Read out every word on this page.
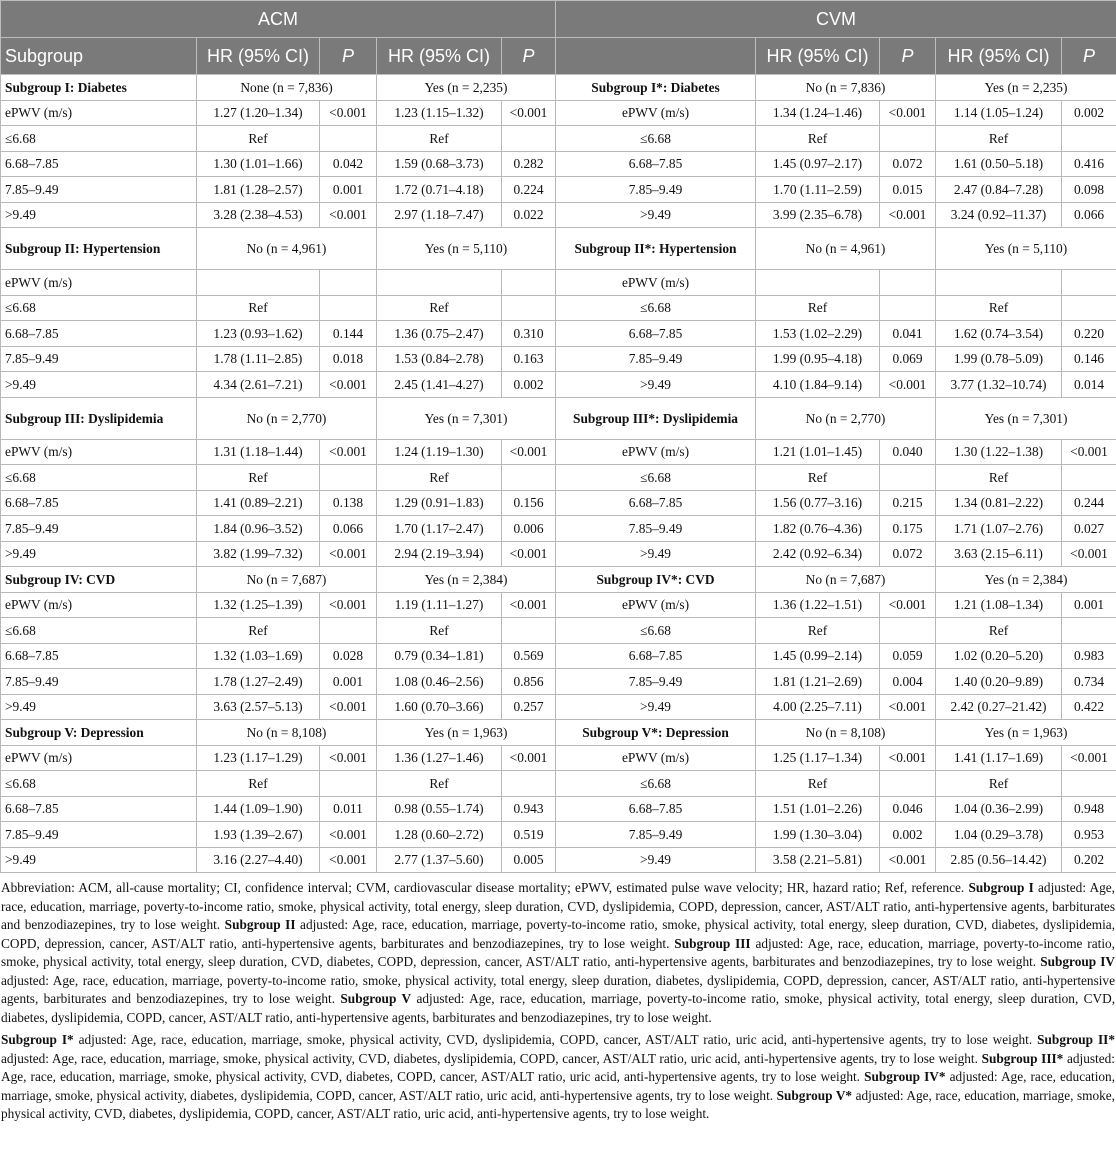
ACM					CVM				
Subgroup	HR (95% CI)	P	HR (95% CI)	P		HR (95% CI)	P	HR (95% CI)	P
Subgroup I: Diabetes	None (n = 7,836)		Yes (n = 2,235)		Subgroup I*: Diabetes	No (n = 7,836)		Yes (n = 2,235)	
ePWV (m/s)	1.27 (1.20–1.34)	<0.001	1.23 (1.15–1.32)	<0.001	ePWV (m/s)	1.34 (1.24–1.46)	<0.001	1.14 (1.05–1.24)	0.002
≤6.68	Ref		Ref		≤6.68	Ref		Ref	
6.68–7.85	1.30 (1.01–1.66)	0.042	1.59 (0.68–3.73)	0.282	6.68–7.85	1.45 (0.97–2.17)	0.072	1.61 (0.50–5.18)	0.416
7.85–9.49	1.81 (1.28–2.57)	0.001	1.72 (0.71–4.18)	0.224	7.85–9.49	1.70 (1.11–2.59)	0.015	2.47 (0.84–7.28)	0.098
>9.49	3.28 (2.38–4.53)	<0.001	2.97 (1.18–7.47)	0.022	>9.49	3.99 (2.35–6.78)	<0.001	3.24 (0.92–11.37)	0.066
Subgroup II: Hypertension	No (n = 4,961)		Yes (n = 5,110)		Subgroup II*: Hypertension	No (n = 4,961)		Yes (n = 5,110)	
ePWV (m/s)					ePWV (m/s)				
≤6.68	Ref		Ref		≤6.68	Ref		Ref	
6.68–7.85	1.23 (0.93–1.62)	0.144	1.36 (0.75–2.47)	0.310	6.68–7.85	1.53 (1.02–2.29)	0.041	1.62 (0.74–3.54)	0.220
7.85–9.49	1.78 (1.11–2.85)	0.018	1.53 (0.84–2.78)	0.163	7.85–9.49	1.99 (0.95–4.18)	0.069	1.99 (0.78–5.09)	0.146
>9.49	4.34 (2.61–7.21)	<0.001	2.45 (1.41–4.27)	0.002	>9.49	4.10 (1.84–9.14)	<0.001	3.77 (1.32–10.74)	0.014
Subgroup III: Dyslipidemia	No (n = 2,770)		Yes (n = 7,301)		Subgroup III*: Dyslipidemia	No (n = 2,770)		Yes (n = 7,301)	
ePWV (m/s)	1.31 (1.18–1.44)	<0.001	1.24 (1.19–1.30)	<0.001	ePWV (m/s)	1.21 (1.01–1.45)	0.040	1.30 (1.22–1.38)	<0.001
≤6.68	Ref		Ref		≤6.68	Ref		Ref	
6.68–7.85	1.41 (0.89–2.21)	0.138	1.29 (0.91–1.83)	0.156	6.68–7.85	1.56 (0.77–3.16)	0.215	1.34 (0.81–2.22)	0.244
7.85–9.49	1.84 (0.96–3.52)	0.066	1.70 (1.17–2.47)	0.006	7.85–9.49	1.82 (0.76–4.36)	0.175	1.71 (1.07–2.76)	0.027
>9.49	3.82 (1.99–7.32)	<0.001	2.94 (2.19–3.94)	<0.001	>9.49	2.42 (0.92–6.34)	0.072	3.63 (2.15–6.11)	<0.001
Subgroup IV: CVD	No (n = 7,687)		Yes (n = 2,384)		Subgroup IV*: CVD	No (n = 7,687)		Yes (n = 2,384)	
ePWV (m/s)	1.32 (1.25–1.39)	<0.001	1.19 (1.11–1.27)	<0.001	ePWV (m/s)	1.36 (1.22–1.51)	<0.001	1.21 (1.08–1.34)	0.001
≤6.68	Ref		Ref		≤6.68	Ref		Ref	
6.68–7.85	1.32 (1.03–1.69)	0.028	0.79 (0.34–1.81)	0.569	6.68–7.85	1.45 (0.99–2.14)	0.059	1.02 (0.20–5.20)	0.983
7.85–9.49	1.78 (1.27–2.49)	0.001	1.08 (0.46–2.56)	0.856	7.85–9.49	1.81 (1.21–2.69)	0.004	1.40 (0.20–9.89)	0.734
>9.49	3.63 (2.57–5.13)	<0.001	1.60 (0.70–3.66)	0.257	>9.49	4.00 (2.25–7.11)	<0.001	2.42 (0.27–21.42)	0.422
Subgroup V: Depression	No (n = 8,108)		Yes (n = 1,963)		Subgroup V*: Depression	No (n = 8,108)		Yes (n = 1,963)	
ePWV (m/s)	1.23 (1.17–1.29)	<0.001	1.36 (1.27–1.46)	<0.001	ePWV (m/s)	1.25 (1.17–1.34)	<0.001	1.41 (1.17–1.69)	<0.001
≤6.68	Ref		Ref		≤6.68	Ref		Ref	
6.68–7.85	1.44 (1.09–1.90)	0.011	0.98 (0.55–1.74)	0.943	6.68–7.85	1.51 (1.01–2.26)	0.046	1.04 (0.36–2.99)	0.948
7.85–9.49	1.93 (1.39–2.67)	<0.001	1.28 (0.60–2.72)	0.519	7.85–9.49	1.99 (1.30–3.04)	0.002	1.04 (0.29–3.78)	0.953
>9.49	3.16 (2.27–4.40)	<0.001	2.77 (1.37–5.60)	0.005	>9.49	3.58 (2.21–5.81)	<0.001	2.85 (0.56–14.42)	0.202

Abbreviation: ACM, all-cause mortality; CI, confidence interval; CVM, cardiovascular disease mortality; ePWV, estimated pulse wave velocity; HR, hazard ratio; Ref, reference. Subgroup I adjusted: Age, race, education, marriage, poverty-to-income ratio, smoke, physical activity, total energy, sleep duration, CVD, dyslipidemia, COPD, depression, cancer, AST/ALT ratio, anti-hypertensive agents, barbiturates and benzodiazepines, try to lose weight. Subgroup II adjusted: Age, race, education, marriage, poverty-to-income ratio, smoke, physical activity, total energy, sleep duration, CVD, diabetes, dyslipidemia, COPD, depression, cancer, AST/ALT ratio, anti-hypertensive agents, barbiturates and benzodiazepines, try to lose weight. Subgroup III adjusted: Age, race, education, marriage, poverty-to-income ratio, smoke, physical activity, total energy, sleep duration, CVD, diabetes, COPD, depression, cancer, AST/ALT ratio, anti-hypertensive agents, barbiturates and benzodiazepines, try to lose weight. Subgroup IV adjusted: Age, race, education, marriage, poverty-to-income ratio, smoke, physical activity, total energy, sleep duration, diabetes, dyslipidemia, COPD, depression, cancer, AST/ALT ratio, anti-hypertensive agents, barbiturates and benzodiazepines, try to lose weight. Subgroup V adjusted: Age, race, education, marriage, poverty-to-income ratio, smoke, physical activity, total energy, sleep duration, CVD, diabetes, dyslipidemia, COPD, cancer, AST/ALT ratio, anti-hypertensive agents, barbiturates and benzodiazepines, try to lose weight.

Subgroup I* adjusted: Age, race, education, marriage, smoke, physical activity, CVD, dyslipidemia, COPD, cancer, AST/ALT ratio, uric acid, anti-hypertensive agents, try to lose weight. Subgroup II* adjusted: Age, race, education, marriage, smoke, physical activity, CVD, diabetes, dyslipidemia, COPD, cancer, AST/ALT ratio, uric acid, anti-hypertensive agents, try to lose weight. Subgroup III* adjusted: Age, race, education, marriage, smoke, physical activity, CVD, diabetes, COPD, cancer, AST/ALT ratio, uric acid, anti-hypertensive agents, try to lose weight. Subgroup IV* adjusted: Age, race, education, marriage, smoke, physical activity, diabetes, dyslipidemia, COPD, cancer, AST/ALT ratio, uric acid, anti-hypertensive agents, try to lose weight. Subgroup V* adjusted: Age, race, education, marriage, smoke, physical activity, CVD, diabetes, dyslipidemia, COPD, cancer, AST/ALT ratio, uric acid, anti-hypertensive agents, try to lose weight.
